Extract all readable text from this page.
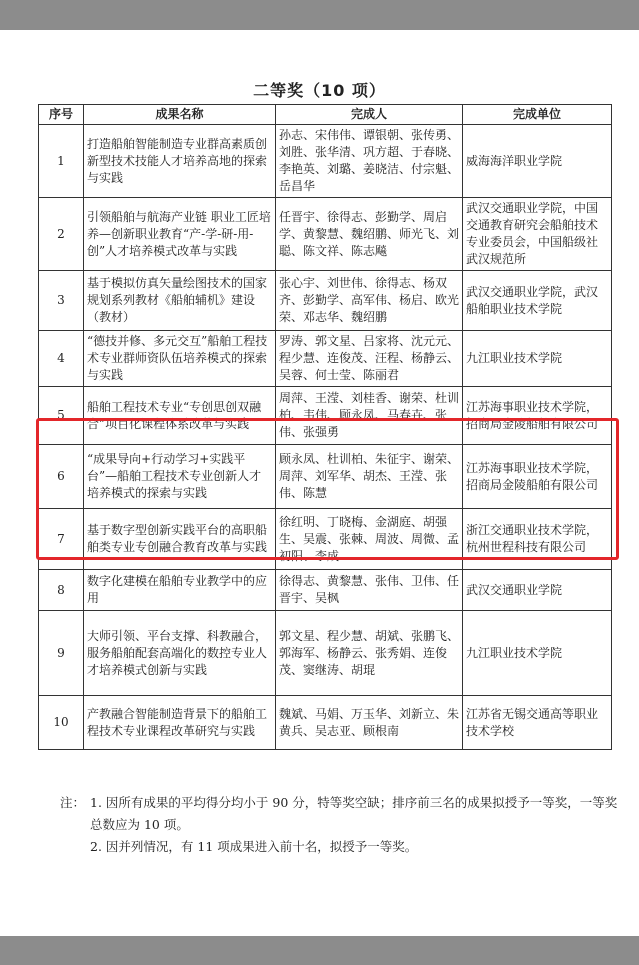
二等奖（10 项）
序号	成果名称	完成人	完成单位
1	打造船舶智能制造专业群高素质创新型技术技能人才培养高地的探索与实践	孙志、宋伟伟、谭银朝、张传勇、刘胜、张华清、巩方超、于春晓、李艳英、刘璐、姜晓洁、付宗魁、岳昌华	威海海洋职业学院
2	引领船舶与航海产业链 职业工匠培养—创新职业教育“产-学-研-用-创”人才培养模式改革与实践	任晋宇、徐得志、彭勤学、周启学、黄黎慧、魏绍鹏、师光飞、刘聪、陈文祥、陈志飚	武汉交通职业学院，中国交通教育研究会船舶技术专业委员会，中国船级社武汉规范所
3	基于模拟仿真矢量绘图技术的国家规划系列教材《船舶辅机》建设（教材）	张心宇、刘世伟、徐得志、杨双齐、彭勤学、高军伟、杨启、欧光荣、邓志华、魏绍鹏	武汉交通职业学院，武汉船舶职业技术学院
4	“德技并修、多元交互”船舶工程技术专业群师资队伍培养模式的探索与实践	罗涛、郭文星、吕家将、沈元元、程少慧、连俊茂、汪程、杨静云、吴蓉、何士莹、陈丽君	九江职业技术学院
5	船舶工程技术专业“专创思创双融合”项目化课程体系改革与实践	周萍、王滢、刘桂香、谢荣、杜训柏、韦伟、顾永凤、马春卉、张伟、张强勇	江苏海事职业技术学院，招商局金陵船舶有限公司
6	“成果导向+行动学习+实践平台”—船舶工程技术专业创新人才培养模式的探索与实践	顾永凤、杜训柏、朱征宇、谢荣、周萍、刘军华、胡杰、王滢、张伟、陈慧	江苏海事职业技术学院，招商局金陵船舶有限公司
7	基于数字型创新实践平台的高职船舶类专业专创融合教育改革与实践	徐红明、丁晓梅、金湖庭、胡强生、吴震、张棘、周波、周微、孟初阳、李成	浙江交通职业技术学院，杭州世程科技有限公司
8	数字化建模在船舶专业教学中的应用	徐得志、黄黎慧、张伟、卫伟、任晋宇、吴枫	武汉交通职业学院
9	大师引领、平台支撑、科教融合，服务船舶配套高端化的数控专业人才培养模式创新与实践	郭文星、程少慧、胡斌、张鹏飞、郭海军、杨静云、张秀娟、连俊茂、窦继涛、胡琨	九江职业技术学院
10	产教融合智能制造背景下的船舶工程技术专业课程改革研究与实践	魏斌、马娟、万玉华、刘新立、朱黄兵、吴志亚、顾根南	江苏省无锡交通高等职业技术学校
注： 1. 因所有成果的平均得分均小于 90 分，特等奖空缺；排序前三名的成果拟授予一等奖，一等奖总数应为 10 项。
2. 因并列情况，有 11 项成果进入前十名，拟授予一等奖。
